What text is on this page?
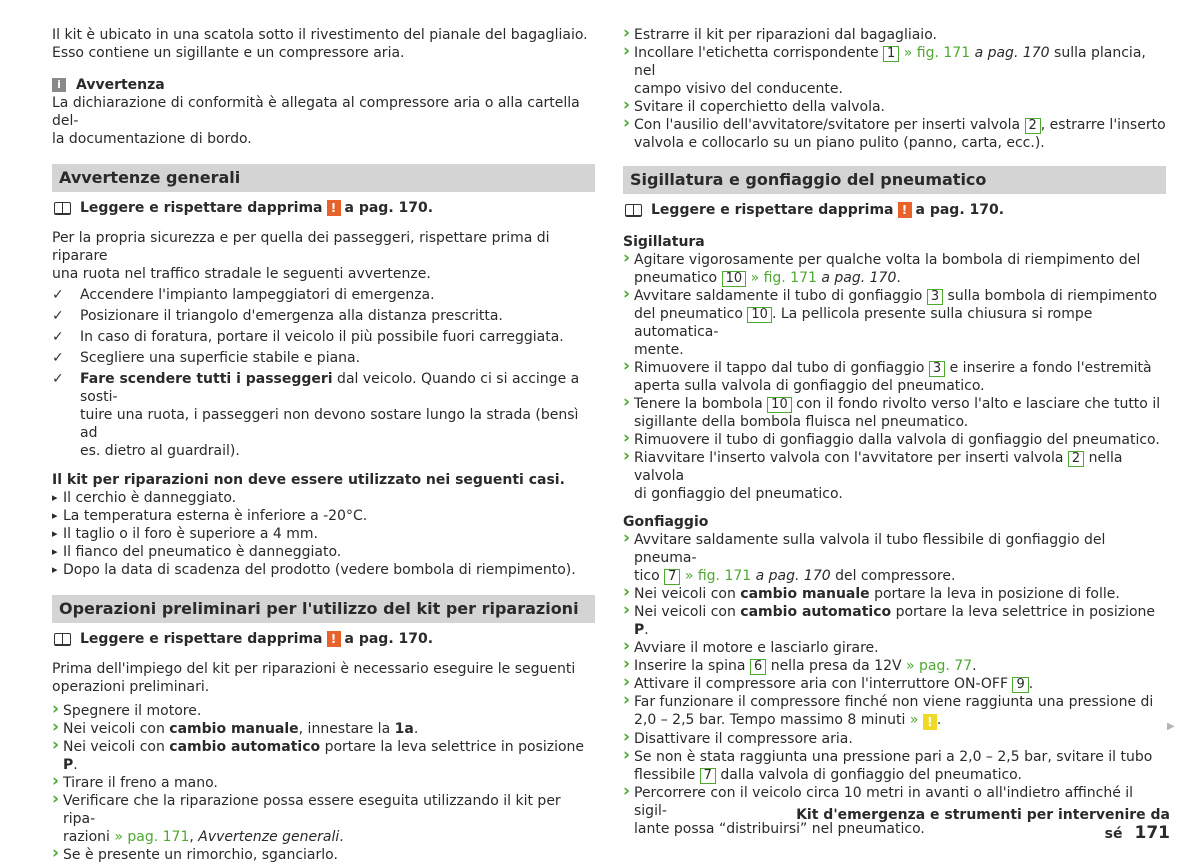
Il kit è ubicato in una scatola sotto il rivestimento del pianale del bagagliaio.

Esso contiene un sigillante e un compressore aria.

i	Avvertenza

La dichiarazione di conformità è allegata al compressore aria o alla cartella del-

la documentazione di bordo.

Avvertenze generali
Leggere e rispettare dapprima ! a pag. 170.

Per la propria sicurezza e per quella dei passeggeri, rispettare prima di riparare

una ruota nel traffico stradale le seguenti avvertenze.

✓ Accendere l'impianto lampeggiatori di emergenza.
✓ Posizionare il triangolo d'emergenza alla distanza prescritta.
✓ In caso di foratura, portare il veicolo il più possibile fuori carreggiata.
✓ Scegliere una superficie stabile e piana.
✓ Fare scendere tutti i passeggeri dal veicolo. Quando ci si accinge a sosti-
tuire una ruota, i passeggeri non devono sostare lungo la strada (bensì ad
es. dietro al guardrail).

Il kit per riparazioni non deve essere utilizzato nei seguenti casi.

▸ Il cerchio è danneggiato.
▸ La temperatura esterna è inferiore a -20°C.
▸ Il taglio o il foro è superiore a 4 mm.
▸ Il fianco del pneumatico è danneggiato.
▸ Dopo la data di scadenza del prodotto (vedere bombola di riempimento).
Operazioni preliminari per l'utilizzo del kit per riparazioni
Leggere e rispettare dapprima ! a pag. 170.

Prima dell'impiego del kit per riparazioni è necessario eseguire le seguenti

operazioni preliminari.

› Spegnere il motore.
› Nei veicoli con cambio manuale, innestare la 1a.
› Nei veicoli con cambio automatico portare la leva selettrice in posizione P.
› Tirare il freno a mano.
› Verificare che la riparazione possa essere eseguita utilizzando il kit per ripa-
razioni » pag. 171, Avvertenze generali.
› Se è presente un rimorchio, sganciarlo.
› Estrarre il kit per riparazioni dal bagagliaio.
› Incollare l'etichetta corrispondente 1 » fig. 171 a pag. 170 sulla plancia, nel
campo visivo del conducente.
› Svitare il coperchietto della valvola.
› Con l'ausilio dell'avvitatore/svitatore per inserti valvola 2 , estrarre l'inserto
valvola e collocarlo su un piano pulito (panno, carta, ecc.).
Sigillatura e gonfiaggio del pneumatico
Leggere e rispettare dapprima ! a pag. 170.

Sigillatura

› Agitare vigorosamente per qualche volta la bombola di riempimento del
pneumatico 10 » fig. 171 a pag. 170.
› Avvitare saldamente il tubo di gonfiaggio 3 sulla bombola di riempimento
del pneumatico 10 . La pellicola presente sulla chiusura si rompe automatica-
mente.
› Rimuovere il tappo dal tubo di gonfiaggio 3 e inserire a fondo l'estremità
aperta sulla valvola di gonfiaggio del pneumatico.
› Tenere la bombola 10 con il fondo rivolto verso l'alto e lasciare che tutto il
sigillante della bombola fluisca nel pneumatico.
› Rimuovere il tubo di gonfiaggio dalla valvola di gonfiaggio del pneumatico.
› Riavvitare l'inserto valvola con l'avvitatore per inserti valvola 2 nella valvola
di gonfiaggio del pneumatico.

Gonfiaggio

› Avvitare saldamente sulla valvola il tubo flessibile di gonfiaggio del pneuma-
tico 7 » fig. 171 a pag. 170 del compressore.
› Nei veicoli con cambio manuale portare la leva in posizione di folle.
› Nei veicoli con cambio automatico portare la leva selettrice in posizione P.
› Avviare il motore e lasciarlo girare.
› Inserire la spina 6 nella presa da 12V » pag. 77.
› Attivare il compressore aria con l'interruttore ON-OFF 9 .
› Far funzionare il compressore finché non viene raggiunta una pressione di
2,0 – 2,5 bar. Tempo massimo 8 minuti » ! .
› Disattivare il compressore aria.
› Se non è stata raggiunta una pressione pari a 2,0 – 2,5 bar, svitare il tubo
flessibile 7 dalla valvola di gonfiaggio del pneumatico.
› Percorrere con il veicolo circa 10 metri in avanti o all'indietro affinché il sigil-
lante possa “distribuirsi” nel pneumatico.
▶
Kit d'emergenza e strumenti per intervenire da sé 171
